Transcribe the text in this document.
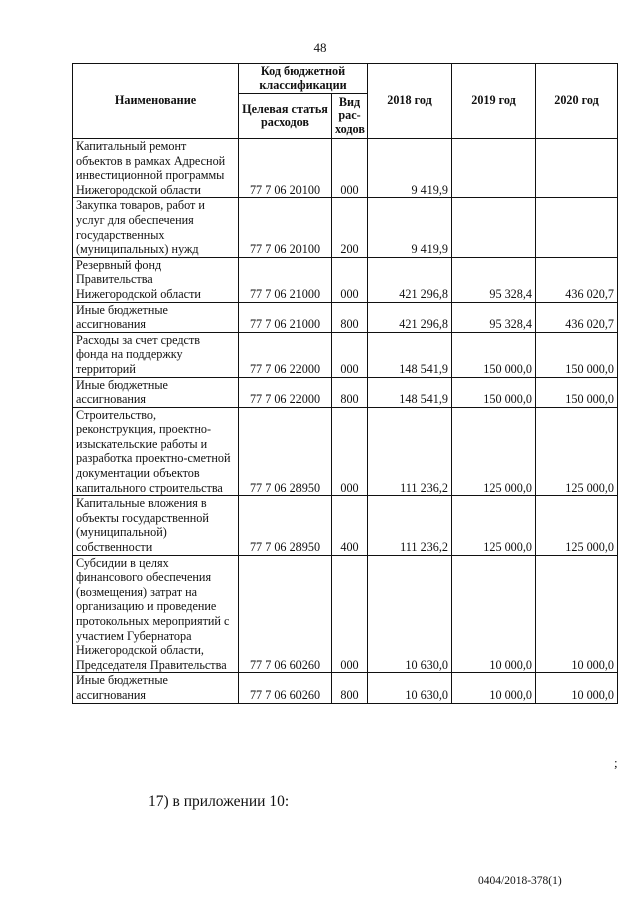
48
Наименование	Код бюджетной классификации		2018 год	2019 год	2020 год
	Целевая статья расходов	Вид рас-ходов			
Капитальный ремонт объектов в рамках Адресной инвестиционной программы Нижегородской области	77 7 06 20100	000	9 419,9		
Закупка товаров, работ и услуг для обеспечения государственных (муниципальных) нужд	77 7 06 20100	200	9 419,9		
Резервный фонд Правительства Нижегородской области	77 7 06 21000	000	421 296,8	95 328,4	436 020,7
Иные бюджетные ассигнования	77 7 06 21000	800	421 296,8	95 328,4	436 020,7
Расходы за счет средств фонда на поддержку территорий	77 7 06 22000	000	148 541,9	150 000,0	150 000,0
Иные бюджетные ассигнования	77 7 06 22000	800	148 541,9	150 000,0	150 000,0
Строительство, реконструкция, проектно-изыскательские работы и разработка проектно-сметной документации объектов капитального строительства	77 7 06 28950	000	111 236,2	125 000,0	125 000,0
Капитальные вложения в объекты государственной (муниципальной) собственности	77 7 06 28950	400	111 236,2	125 000,0	125 000,0
Субсидии в целях финансового обеспечения (возмещения) затрат на организацию и проведение протокольных мероприятий с участием Губернатора Нижегородской области, Председателя Правительства	77 7 06 60260	000	10 630,0	10 000,0	10 000,0
Иные бюджетные ассигнования	77 7 06 60260	800	10 630,0	10 000,0	10 000,0
;
17) в приложении 10:
0404/2018-378(1)
